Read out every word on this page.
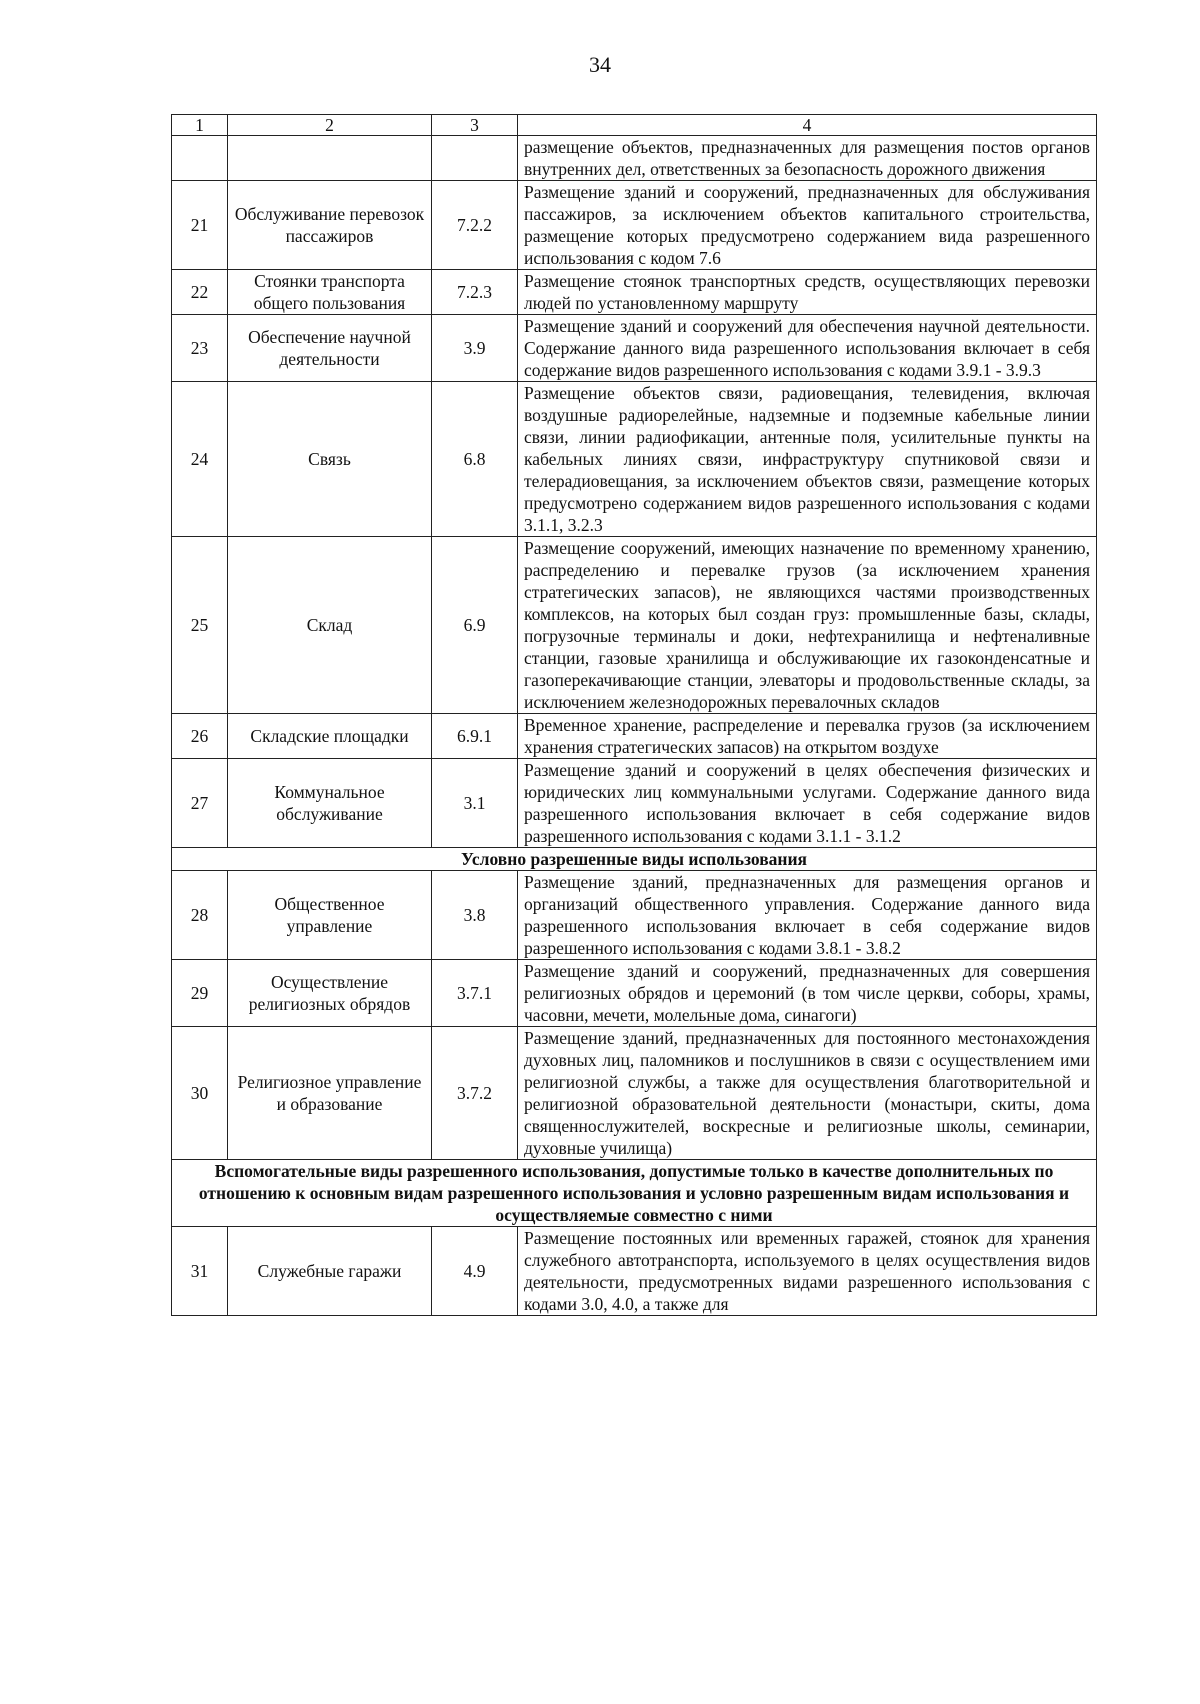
34
1	2	3	4
			размещение объектов, предназначенных для размещения постов органов внутренних дел, ответственных за безопасность дорожного движения
21	Обслуживание перевозок пассажиров	7.2.2	Размещение зданий и сооружений, предназначенных для обслуживания пассажиров, за исключением объектов капитального строительства, размещение которых предусмотрено содержанием вида разрешенного использования с кодом 7.6
22	Стоянки транспорта общего пользования	7.2.3	Размещение стоянок транспортных средств, осуществляющих перевозки людей по установленному маршруту
23	Обеспечение научной деятельности	3.9	Размещение зданий и сооружений для обеспечения научной деятельности. Содержание данного вида разрешенного использования включает в себя содержание видов разрешенного использования с кодами 3.9.1 - 3.9.3
24	Связь	6.8	Размещение объектов связи, радиовещания, телевидения, включая воздушные радиорелейные, надземные и подземные кабельные линии связи, линии радиофикации, антенные поля, усилительные пункты на кабельных линиях связи, инфраструктуру спутниковой связи и телерадиовещания, за исключением объектов связи, размещение которых предусмотрено содержанием видов разрешенного использования с кодами 3.1.1, 3.2.3
25	Склад	6.9	Размещение сооружений, имеющих назначение по временному хранению, распределению и перевалке грузов (за исключением хранения стратегических запасов), не являющихся частями производственных комплексов, на которых был создан груз: промышленные базы, склады, погрузочные терминалы и доки, нефтехранилища и нефтеналивные станции, газовые хранилища и обслуживающие их газоконденсатные и газоперекачивающие станции, элеваторы и продовольственные склады, за исключением железнодорожных перевалочных складов
26	Складские площадки	6.9.1	Временное хранение, распределение и перевалка грузов (за исключением хранения стратегических запасов) на открытом воздухе
27	Коммунальное обслуживание	3.1	Размещение зданий и сооружений в целях обеспечения физических и юридических лиц коммунальными услугами. Содержание данного вида разрешенного использования включает в себя содержание видов разрешенного использования с кодами 3.1.1 - 3.1.2
Условно разрешенные виды использования			
28	Общественное управление	3.8	Размещение зданий, предназначенных для размещения органов и организаций общественного управления. Содержание данного вида разрешенного использования включает в себя содержание видов разрешенного использования с кодами 3.8.1 - 3.8.2
29	Осуществление религиозных обрядов	3.7.1	Размещение зданий и сооружений, предназначенных для совершения религиозных обрядов и церемоний (в том числе церкви, соборы, храмы, часовни, мечети, молельные дома, синагоги)
30	Религиозное управление и образование	3.7.2	Размещение зданий, предназначенных для постоянного местонахождения духовных лиц, паломников и послушников в связи с осуществлением ими религиозной службы, а также для осуществления благотворительной и религиозной образовательной деятельности (монастыри, скиты, дома священнослужителей, воскресные и религиозные школы, семинарии, духовные училища)
Вспомогательные виды разрешенного использования, допустимые только в качестве дополнительных по отношению к основным видам разрешенного использования и условно разрешенным видам использования и осуществляемые совместно с ними			
31	Служебные гаражи	4.9	Размещение постоянных или временных гаражей, стоянок для хранения служебного автотранспорта, используемого в целях осуществления видов деятельности, предусмотренных видами разрешенного использования с кодами 3.0, 4.0, а также для
